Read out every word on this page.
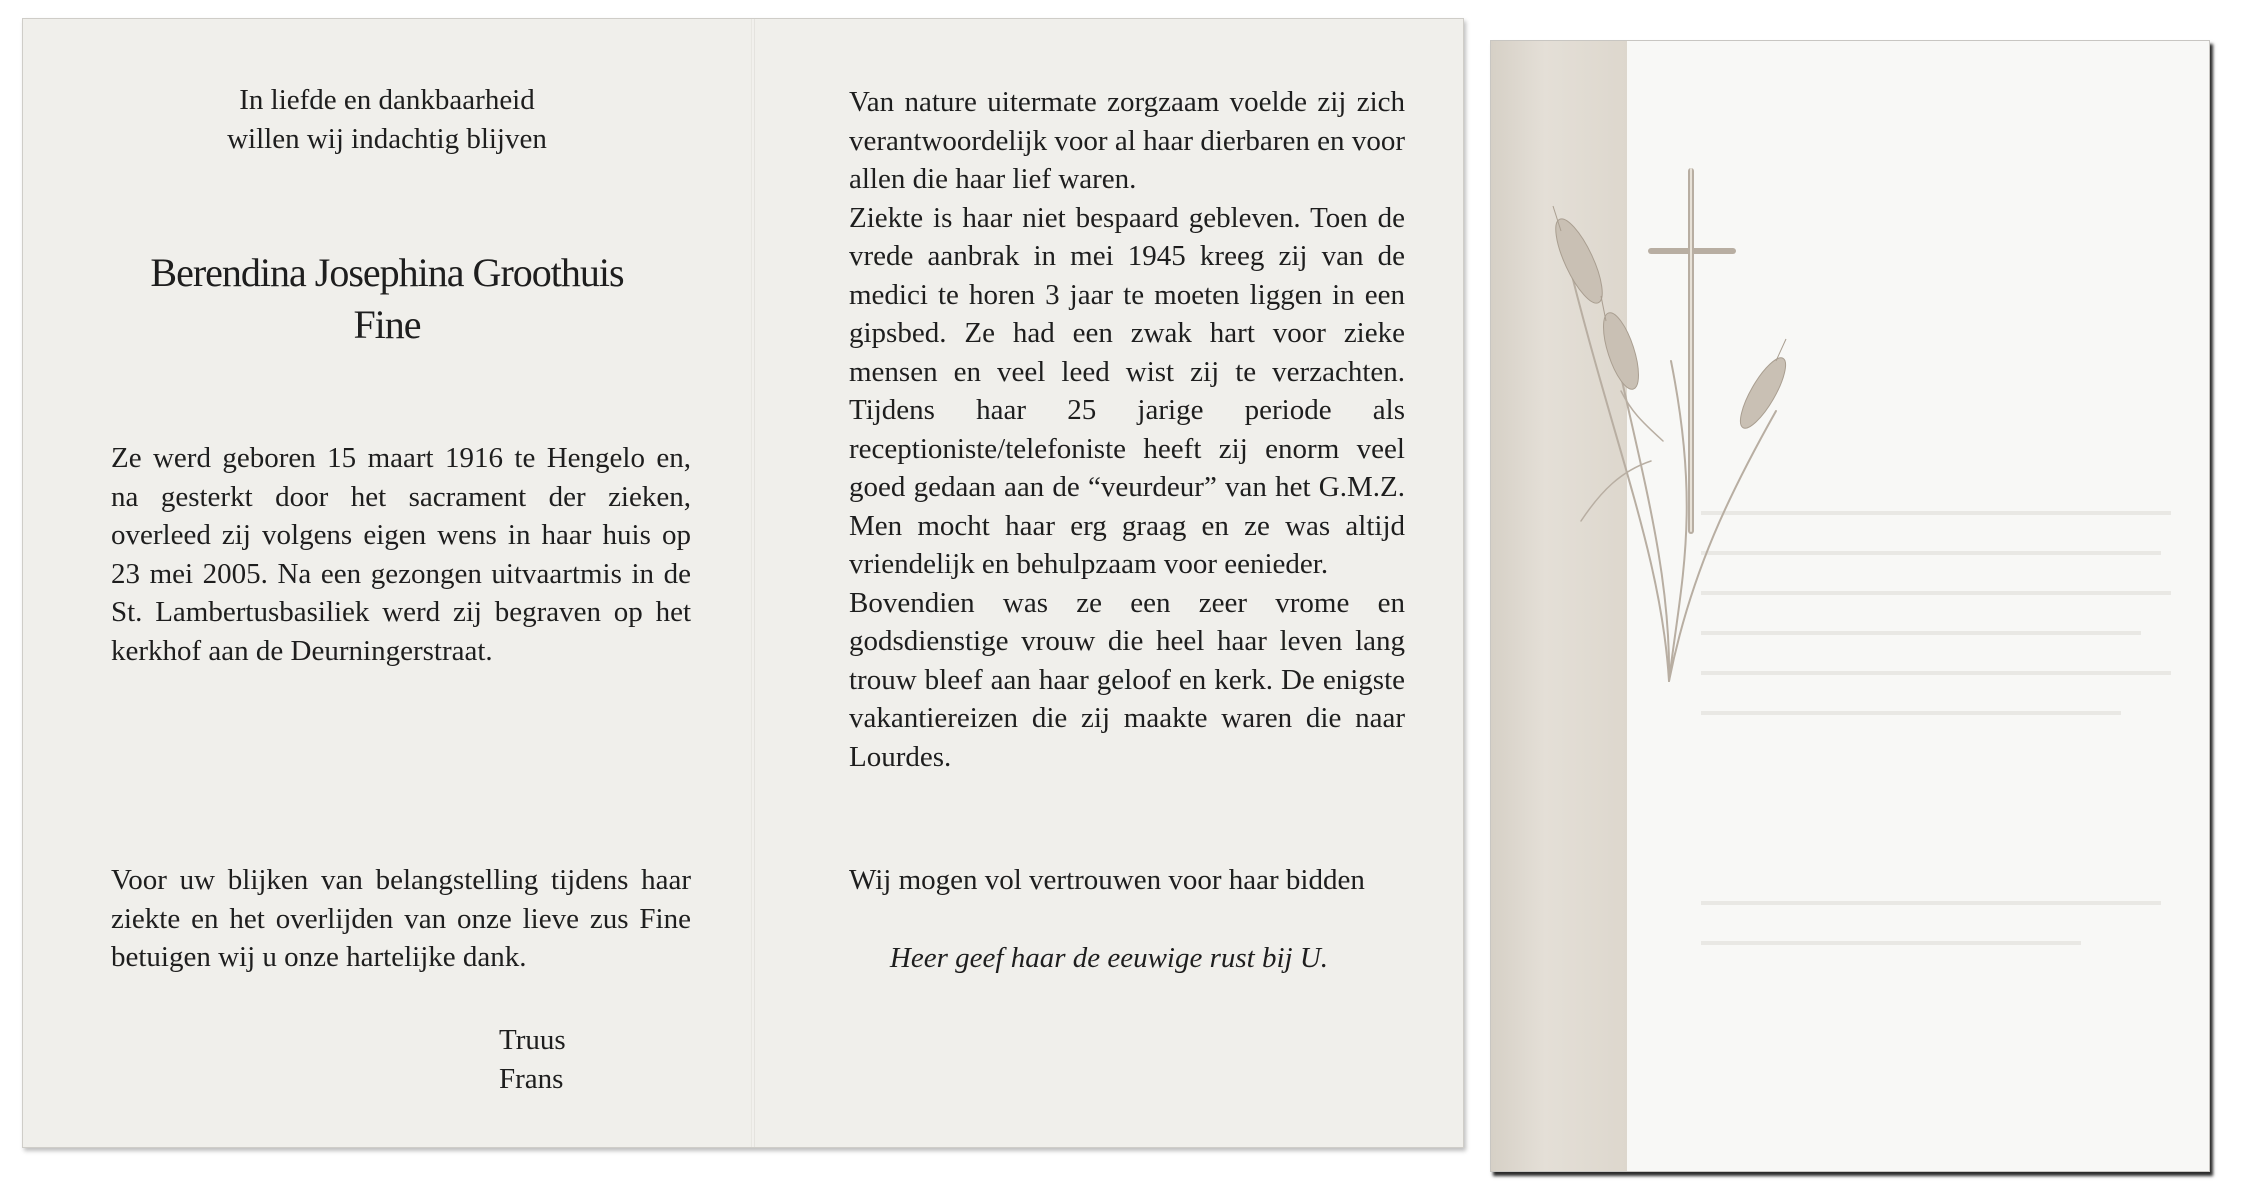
In liefde en dankbaarheid
willen wij indachtig blijven
Berendina Josephina Groothuis
Fine
Ze werd geboren 15 maart 1916 te Hengelo en, na gesterkt door het sacrament der zieken, overleed zij volgens eigen wens in haar huis op 23 mei 2005. Na een gezongen uitvaartmis in de St. Lambertusbasiliek werd zij begraven op het kerkhof aan de Deurningerstraat.
Voor uw blijken van belangstelling tijdens haar ziekte en het overlijden van onze lieve zus Fine betuigen wij u onze hartelijke dank.
Truus
Frans
Van nature uitermate zorgzaam voelde zij zich verantwoordelijk voor al haar dierbaren en voor allen die haar lief waren.
Ziekte is haar niet bespaard gebleven. Toen de vrede aanbrak in mei 1945 kreeg zij van de medici te horen 3 jaar te moeten liggen in een gipsbed. Ze had een zwak hart voor zieke mensen en veel leed wist zij te verzachten. Tijdens haar 25 jarige periode als receptioniste/telefoniste heeft zij enorm veel goed gedaan aan de “veurdeur” van het G.M.Z. Men mocht haar erg graag en ze was altijd vriendelijk en behulpzaam voor eenieder.
Bovendien was ze een zeer vrome en godsdienstige vrouw die heel haar leven lang trouw bleef aan haar geloof en kerk. De enigste vakantiereizen die zij maakte waren die naar Lourdes.
Wij mogen vol vertrouwen voor haar bidden
Heer geef haar de eeuwige rust bij U.
